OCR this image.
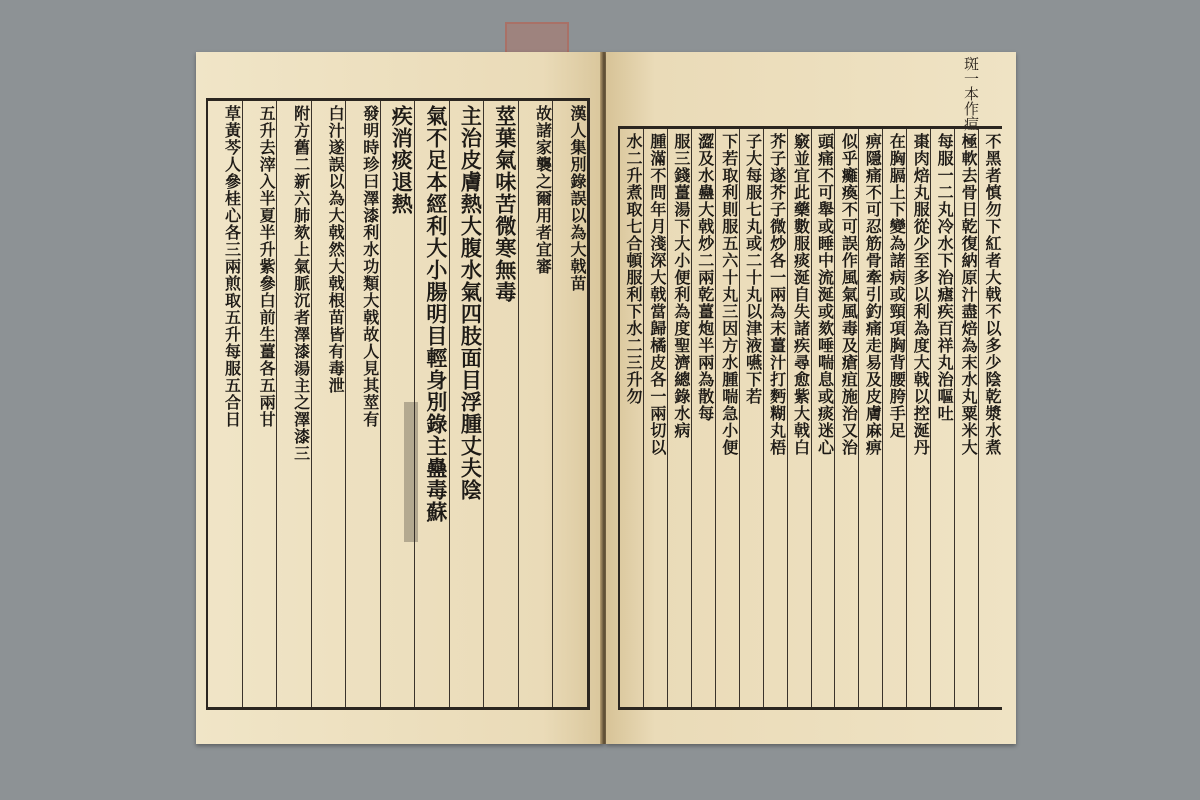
漢人集別錄誤以為大戟苗
故諸家襲之爾用者宜審
莖葉氣味苦微寒無毒
主治皮膚熱大腹水氣四肢面目浮腫丈夫陰
氣不足本經利大小腸明目輕身別錄主蠱毒蘇
疾消痰退熱
發明時珍曰澤漆利水功類大戟故人見其莖有
白汁遂誤以為大戟然大戟根苗皆有毒泄
附方舊二新六肺欬上氣脈沉者澤漆湯主之澤漆三
五升去滓入半夏半升紫參白前生薑各五兩甘
草黃芩人參桂心各三兩煎取五升每服五合日
斑一本作痘
不黑者慎勿下紅者大戟不以多少陰乾漿水煮
極軟去骨日乾復納原汁盡焙為末水丸粟米大
每服一二丸冷水下治瘧疾百祥丸治嘔吐
棗肉焙丸服從少至多以利為度大戟以控涎丹
在胸膈上下變為諸病或頸項胸背腰胯手足
痹隱痛不可忍筋骨牽引釣痛走易及皮膚麻痹
似乎癱瘓不可誤作風氣風毒及瘡疽施治又治
頭痛不可舉或睡中流涎或欬唾喘息或痰迷心
竅並宜此藥數服痰涎自失諸疾尋愈紫大戟白
芥子遂芥子微炒各一兩為末薑汁打麪糊丸梧
子大每服七丸或二十丸以津液嚥下若
下若取利則服五六十丸三因方水腫喘急小便
澀及水蠱大戟炒二兩乾薑炮半兩為散每
服三錢薑湯下大小便利為度聖濟總錄水病
腫滿不問年月淺深大戟當歸橘皮各一兩切以
水二升煮取七合頓服利下水二三升勿
